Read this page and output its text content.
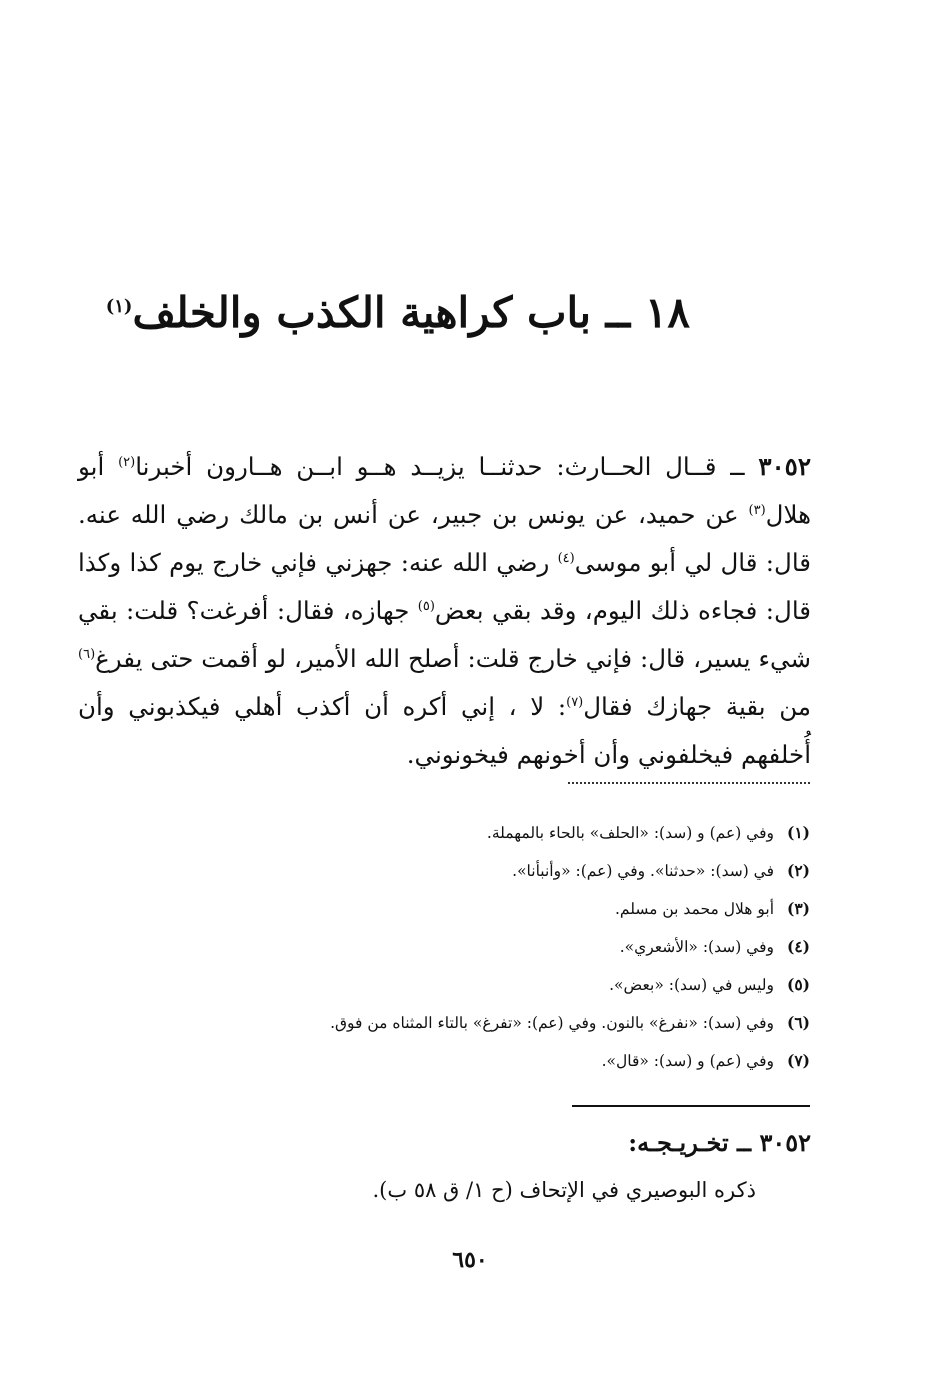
١٨ ــ باب كراهية الكذب والخلف$^{(١)}$

٣٠٥٢ ــ قــال الحــارث: حدثنــا يزيــد هــو ابــن هــارون أخبرنا$^{(٢)}$ أبو هلال$^{(٣)}$ عن حميد، عن يونس بن جبير، عن أنس بن مالك رضي الله عنه. قال: قال لي أبو موسى$^{(٤)}$ رضي الله عنه: جهزني فإني خارج يوم كذا وكذا قال: فجاءه ذلك اليوم، وقد بقي بعض$^{(٥)}$ جهازه، فقال: أفرغت؟ قلت: بقي شيء يسير، قال: فإني خارج قلت: أصلح الله الأمير، لو أقمت حتى يفرغ$^{(٦)}$ من بقية جهازك فقال$^{(٧)}$: لا ، إني أكره أن أكذب أهلي فيكذبوني وأن أُخلفهم فيخلفوني وأن أخونهم فيخونوني.

(١)وفي (عم) و (سد): «الحلف» بالحاء بالمهملة.
(٢)في (سد): «حدثنا». وفي (عم): «وأنبأنا».
(٣)أبو هلال محمد بن مسلم.
(٤)وفي (سد): «الأشعري».
(٥)وليس في (سد): «بعض».
(٦)وفي (سد): «نفرغ» بالنون. وفي (عم): «تفرغ» بالتاء المثناه من فوق.
(٧)وفي (عم) و (سد): «قال».
٣٠٥٢ ــ تخـريـجـه:
ذكره البوصيري في الإتحاف (ح ١/ ق ٥٨ ب).
٦٥٠
